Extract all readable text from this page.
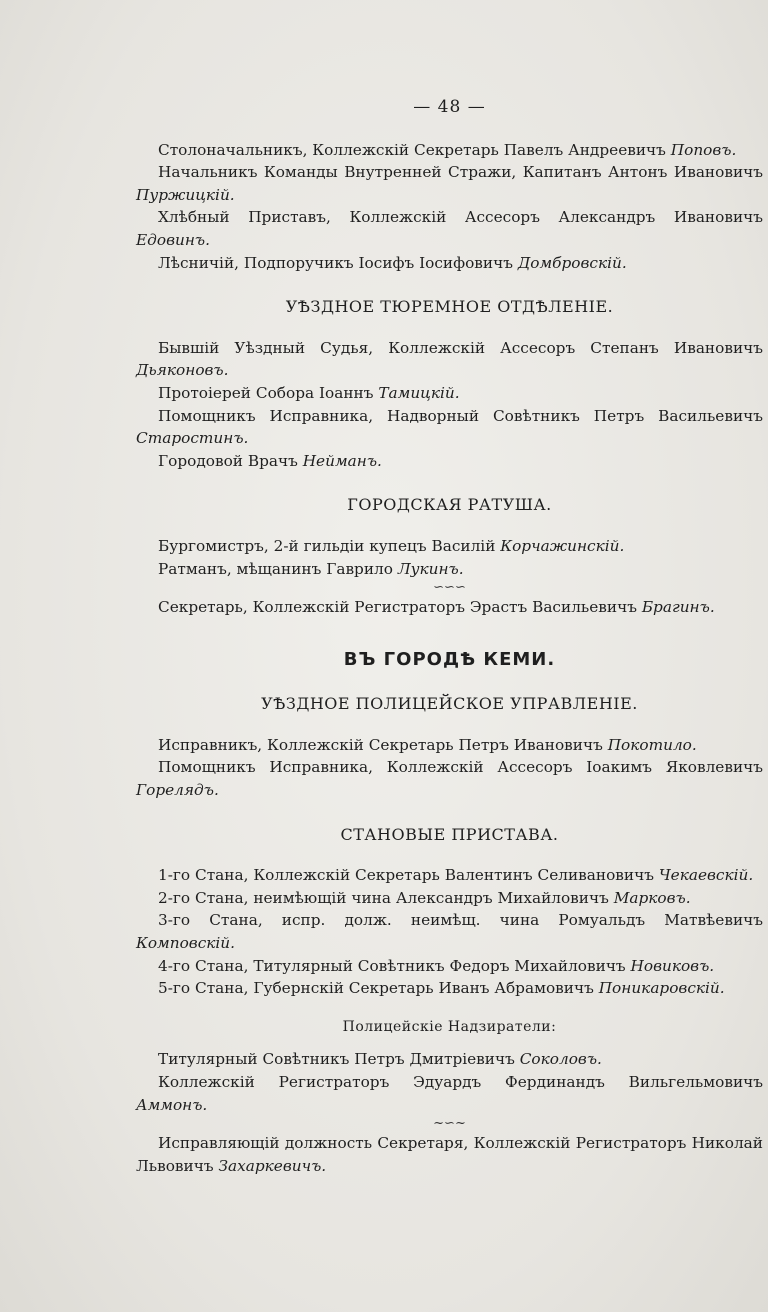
— 48 —

Столоначальникъ, Коллежскій Секретарь Павелъ Андреевичъ Поповъ.

Начальникъ Команды Внутренней Стражи, Капитанъ Антонъ Ивановичъ Пуржицкій.

Хлѣбный Приставъ, Коллежскій Ассесоръ Александръ Ивановичъ Едовинъ.

Лѣсничій, Подпоручикъ Іосифъ Іосифовичъ Домбровскій.

УѢЗДНОЕ ТЮРЕМНОЕ ОТДѢЛЕНІЕ.

Бывшій Уѣздный Судья, Коллежскій Ассесоръ Степанъ Ивановичъ Дьяконовъ.

Протоіерей Собора Іоаннъ Тамицкій.

Помощникъ Исправника, Надворный Совѣтникъ Петръ Васильевичъ Старостинъ.

Городовой Врачъ Нейманъ.

ГОРОДСКАЯ РАТУША.

Бургомистръ, 2-й гильдіи купецъ Василій Корчажинскій.

Ратманъ, мѣщанинъ Гаврило Лукинъ.

∽∽∽

Секретарь, Коллежскій Регистраторъ Эрастъ Васильевичъ Брагинъ.

ВЪ ГОРОДѢ КЕМИ.
УѢЗДНОЕ ПОЛИЦЕЙСКОЕ УПРАВЛЕНІЕ.

Исправникъ, Коллежскій Секретарь Петръ Ивановичъ Покотило.

Помощникъ Исправника, Коллежскій Ассесоръ Іоакимъ Яковлевичъ Горелядъ.

СТАНОВЫЕ ПРИСТАВА.

1-го Стана, Коллежскій Секретарь Валентинъ Селивановичъ Чекаевскій.

2-го Стана, неимѣющій чина Александръ Михайловичъ Марковъ.

3-го Стана, испр. долж. неимѣщ. чина Ромуальдъ Матвѣевичъ Комповскій.

4-го Стана, Титулярный Совѣтникъ Федоръ Михайловичъ Новиковъ.

5-го Стана, Губернскій Секретарь Иванъ Абрамовичъ Поникаровскій.

Полицейскіе Надзиратели:

Титулярный Совѣтникъ Петръ Дмитріевичъ Соколовъ.

Коллежскій Регистраторъ Эдуардъ Фердинандъ Вильгельмовичъ Аммонъ.

~∽~

Исправляющій должность Секретаря, Коллежскій Регистраторъ Николай Львовичъ Захаркевичъ.
